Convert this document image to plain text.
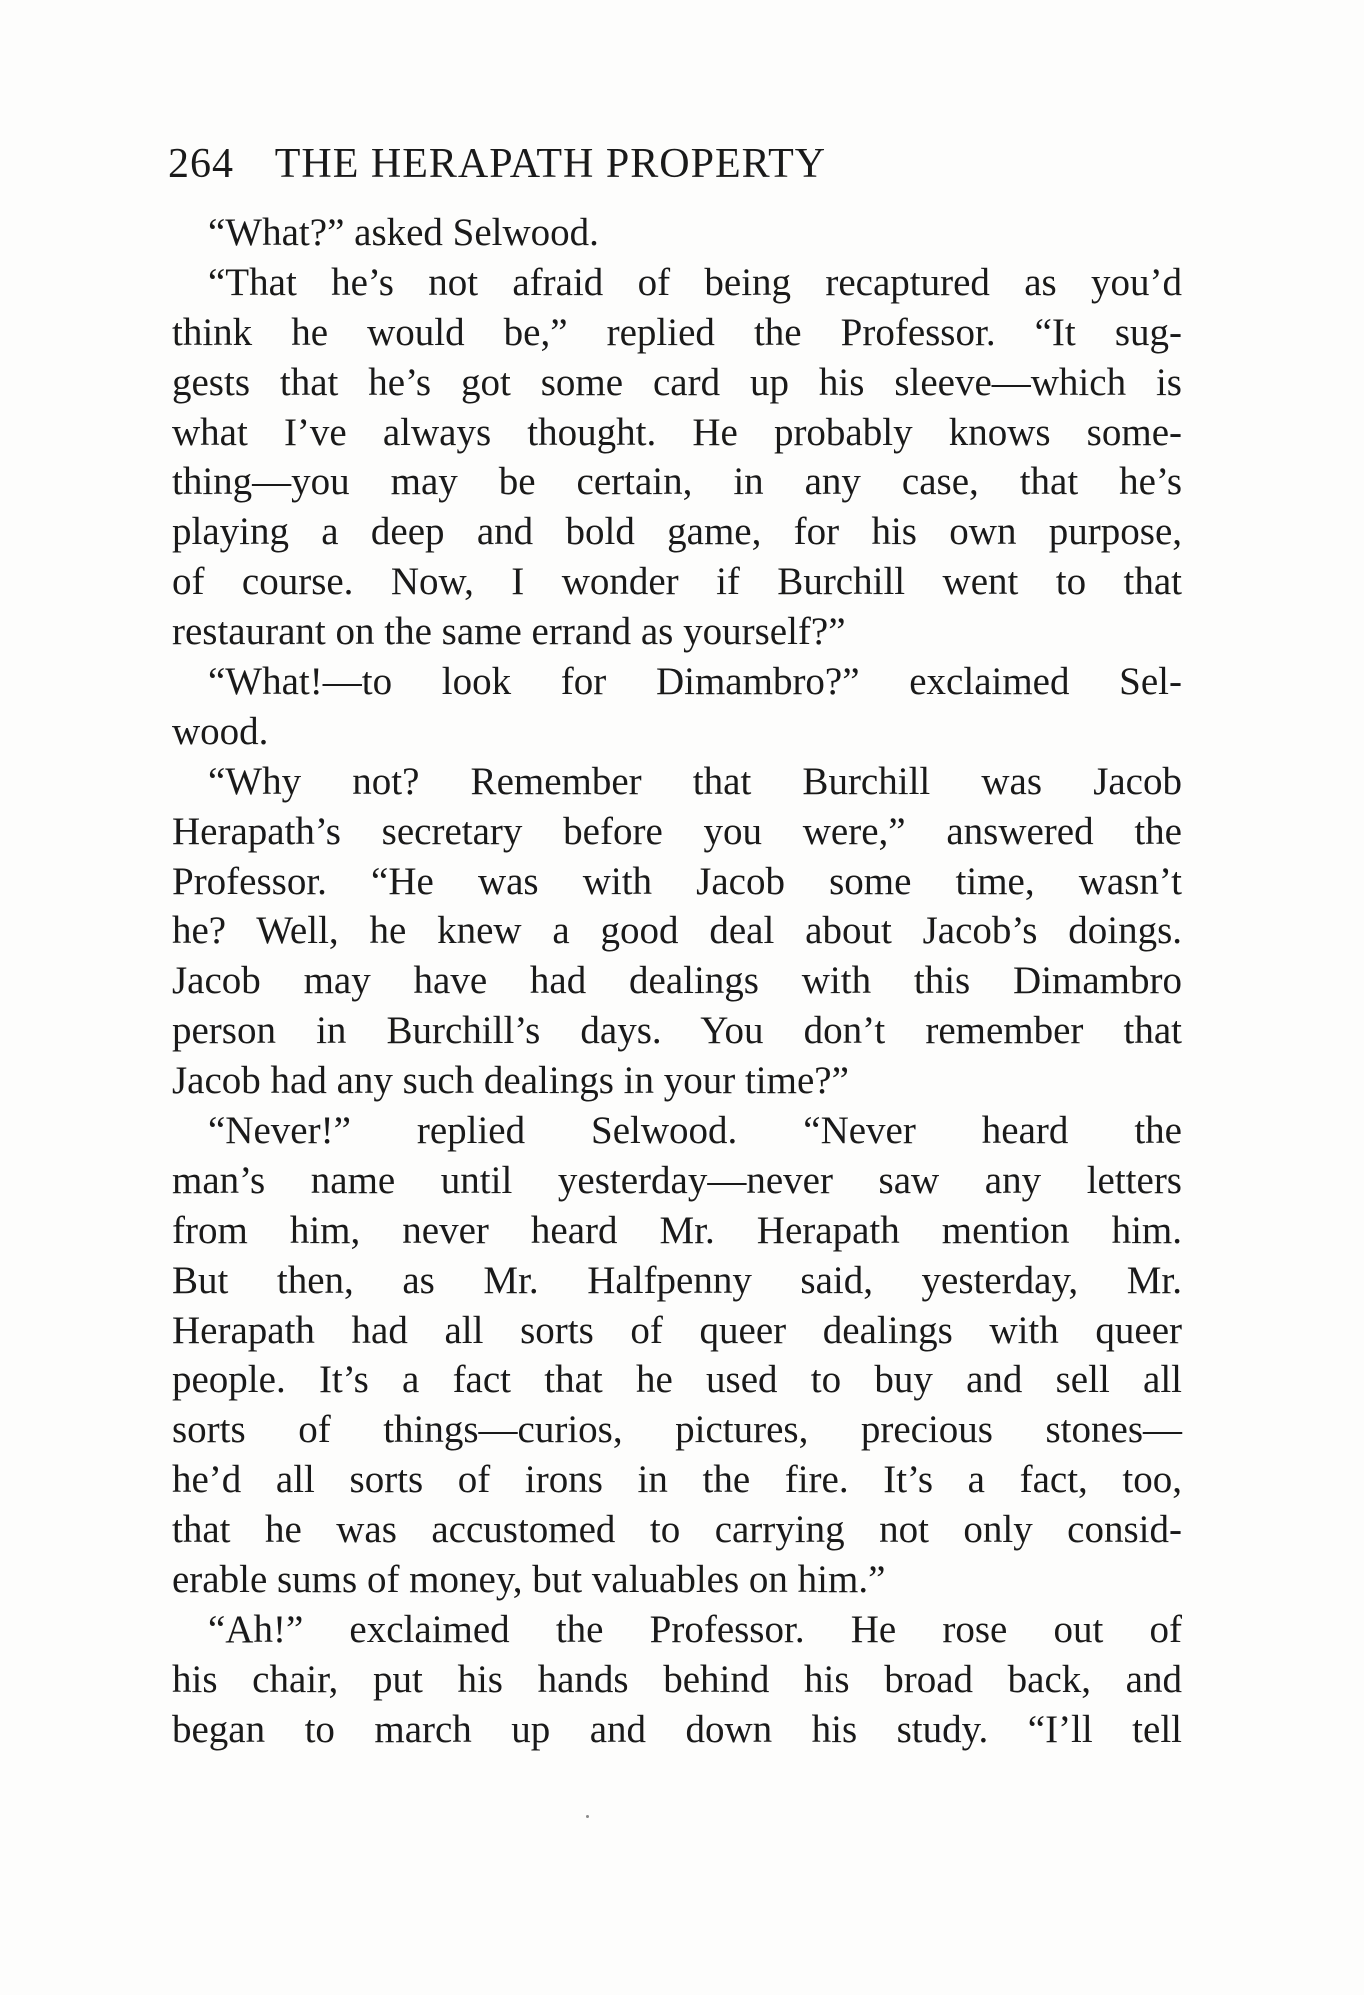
264 THE HERAPATH PROPERTY
“What?” asked Selwood.
“That he’s not afraid of being recaptured as you’d
think he would be,” replied the Professor. “It sug-
gests that he’s got some card up his sleeve—which is
what I’ve always thought. He probably knows some-
thing—you may be certain, in any case, that he’s
playing a deep and bold game, for his own purpose,
of course. Now, I wonder if Burchill went to that
restaurant on the same errand as yourself?”
“What!—to look for Dimambro?” exclaimed Sel-
wood.
“Why not? Remember that Burchill was Jacob
Herapath’s secretary before you were,” answered the
Professor. “He was with Jacob some time, wasn’t
he? Well, he knew a good deal about Jacob’s doings.
Jacob may have had dealings with this Dimambro
person in Burchill’s days. You don’t remember that
Jacob had any such dealings in your time?”
“Never!” replied Selwood. “Never heard the
man’s name until yesterday—never saw any letters
from him, never heard Mr. Herapath mention him.
But then, as Mr. Halfpenny said, yesterday, Mr.
Herapath had all sorts of queer dealings with queer
people. It’s a fact that he used to buy and sell all
sorts of things—curios, pictures, precious stones—
he’d all sorts of irons in the fire. It’s a fact, too,
that he was accustomed to carrying not only consid-
erable sums of money, but valuables on him.”
“Ah!” exclaimed the Professor. He rose out of
his chair, put his hands behind his broad back, and
began to march up and down his study. “I’ll tell
